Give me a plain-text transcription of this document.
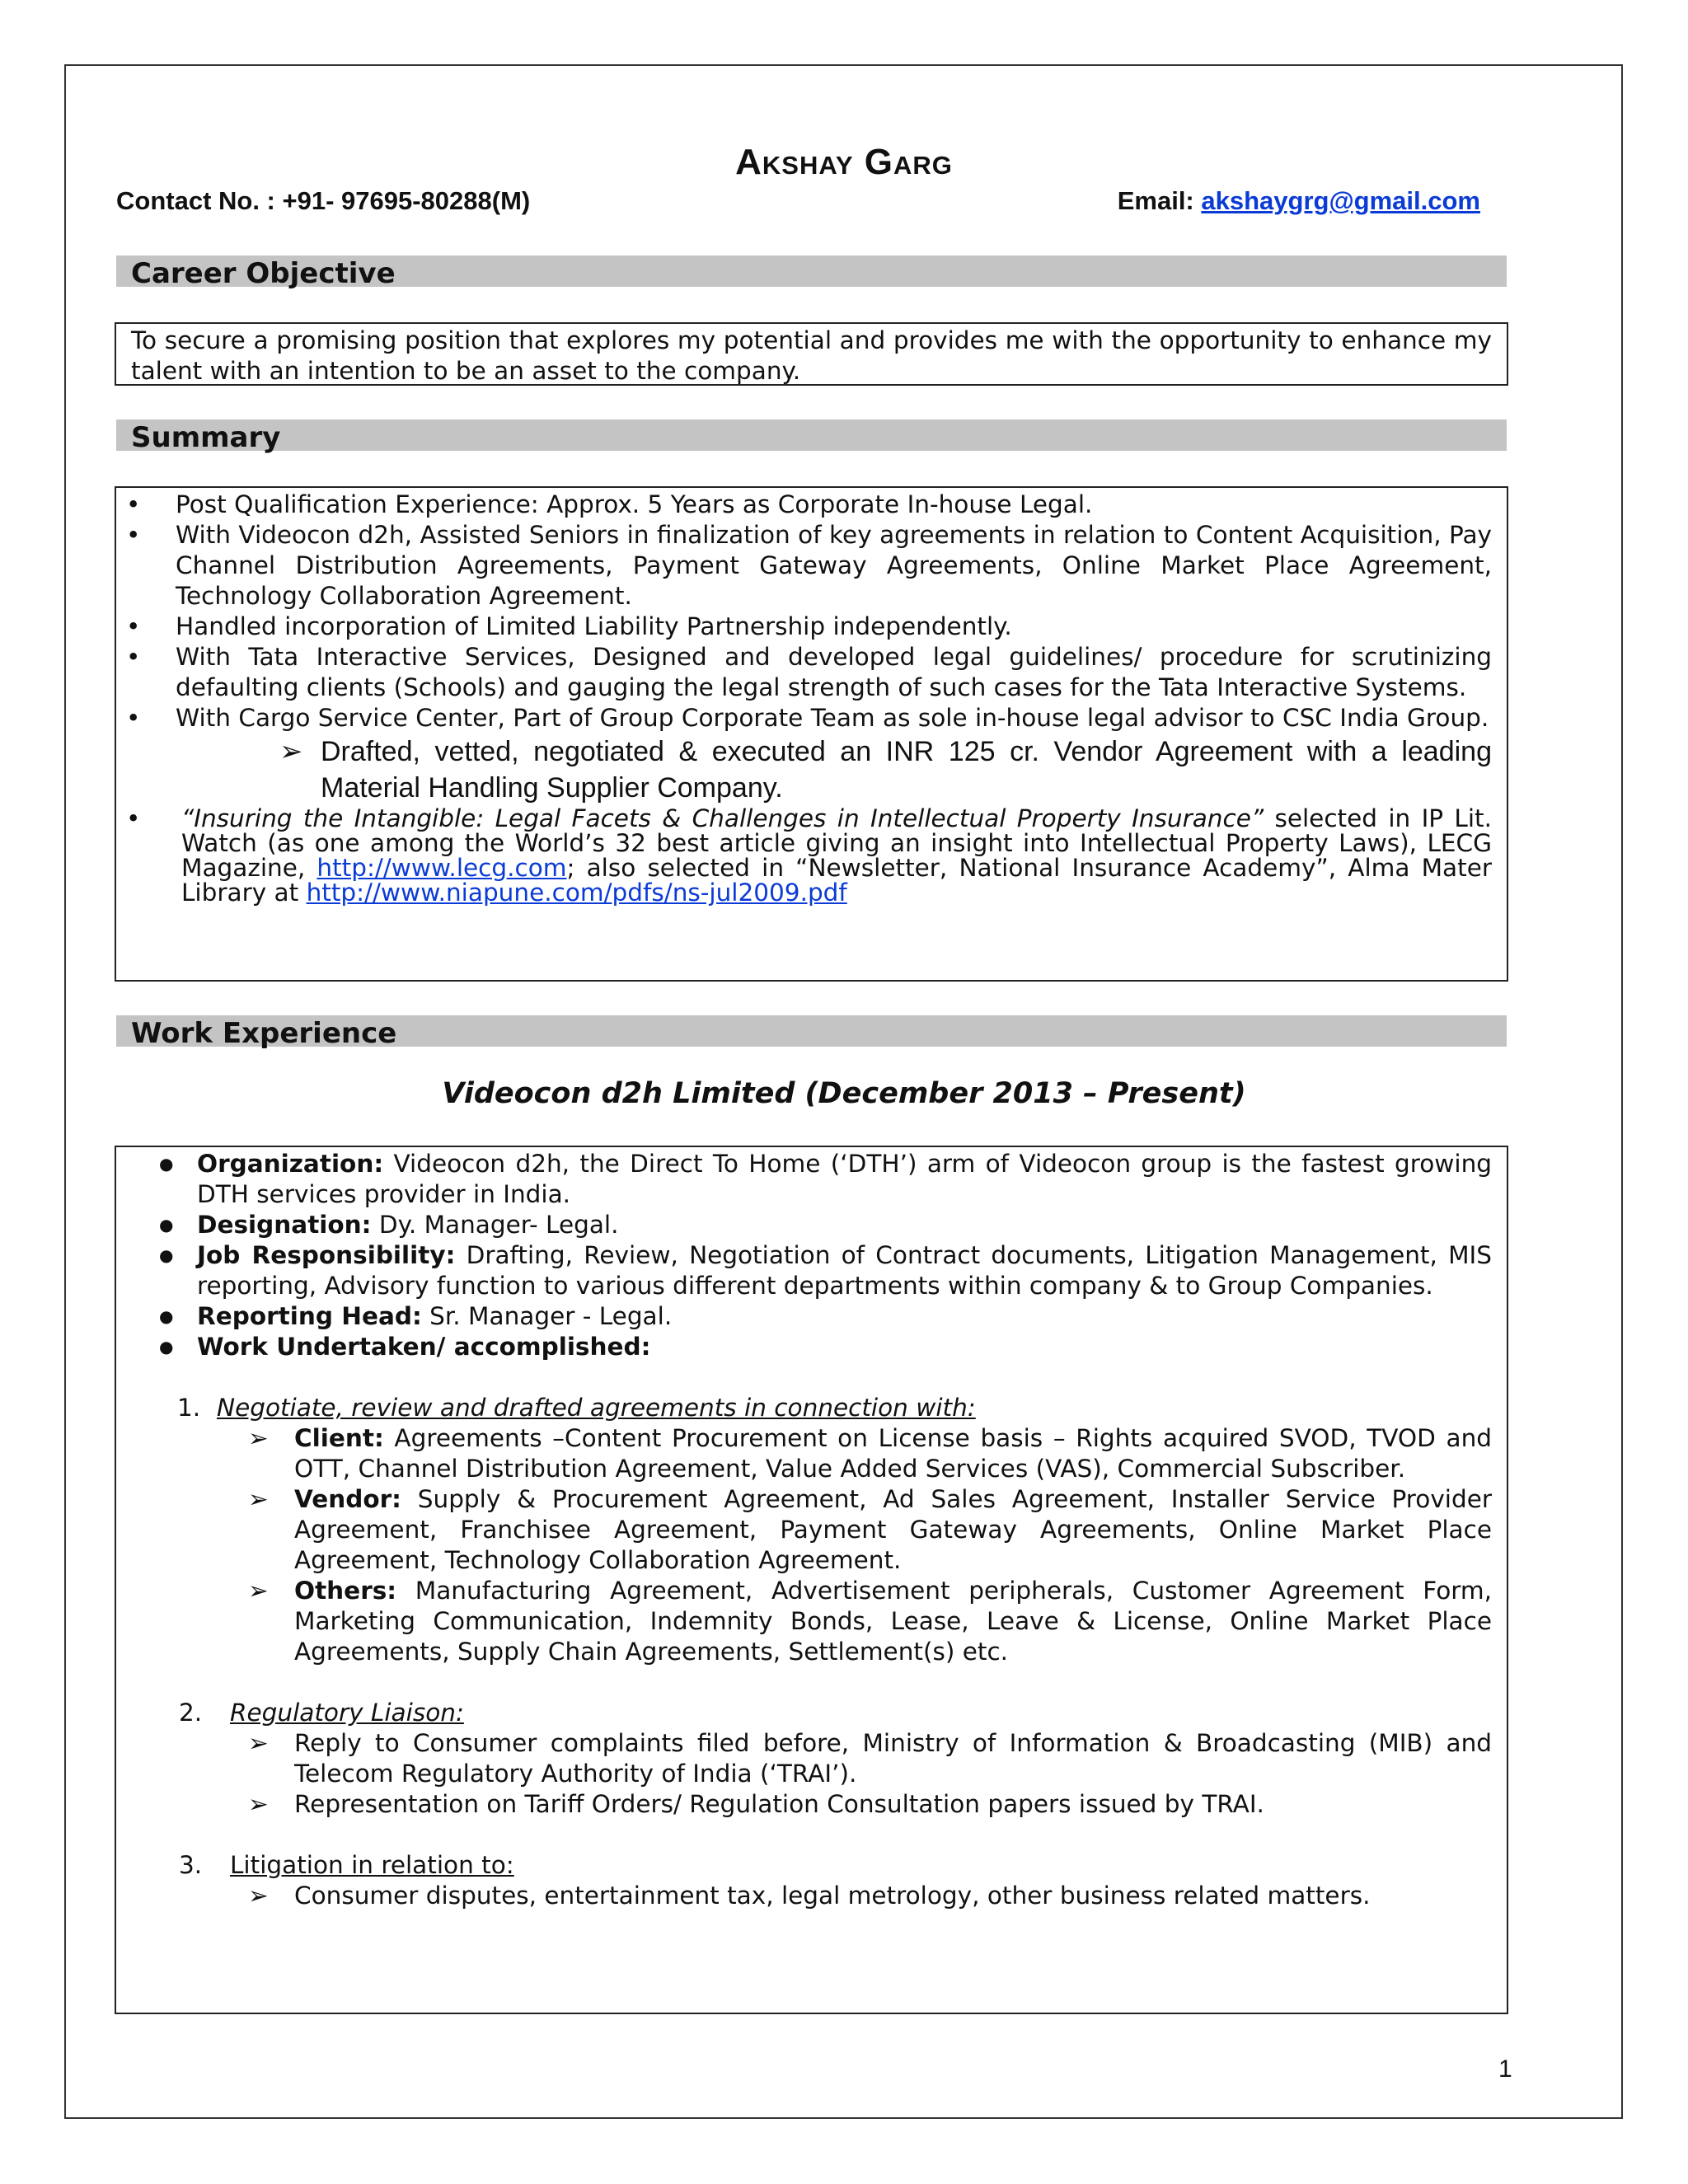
Akshay Garg
Contact No. : +91- 97695-80288(M)	Email: akshaygrg@gmail.com
Career Objective

To secure a promising position that explores my potential and provides me with the opportunity to enhance my talent with an intention to be an asset to the company.

Summary
• Post Qualification Experience: Approx. 5 Years as Corporate In-house Legal.
• With Videocon d2h, Assisted Seniors in finalization of key agreements in relation to Content Acquisition, Pay Channel Distribution Agreements, Payment Gateway Agreements, Online Market Place Agreement, Technology Collaboration Agreement.
• Handled incorporation of Limited Liability Partnership independently.
• With Tata Interactive Services, Designed and developed legal guidelines/ procedure for scrutinizing defaulting clients (Schools) and gauging the legal strength of such cases for the Tata Interactive Systems.
• With Cargo Service Center, Part of Group Corporate Team as sole in-house legal advisor to CSC India Group.
➢ Drafted, vetted, negotiated & executed an INR 125 cr. Vendor Agreement with a leading Material Handling Supplier Company.
• “Insuring the Intangible: Legal Facets & Challenges in Intellectual Property Insurance” selected in IP Lit. Watch (as one among the World’s 32 best article giving an insight into Intellectual Property Laws), LECG Magazine, http://www.lecg.com; also selected in “Newsletter, National Insurance Academy”, Alma Mater Library at http://www.niapune.com/pdfs/ns-jul2009.pdf
Work Experience
Videocon d2h Limited (December 2013 – Present)
● Organization: Videocon d2h, the Direct To Home (‘DTH’) arm of Videocon group is the fastest growing DTH services provider in India.
● Designation: Dy. Manager- Legal.
● Job Responsibility: Drafting, Review, Negotiation of Contract documents, Litigation Management, MIS reporting, Advisory function to various different departments within company & to Group Companies.
● Reporting Head: Sr. Manager - Legal.
● Work Undertaken/ accomplished:
1. Negotiate, review and drafted agreements in connection with:
➢ Client: Agreements –Content Procurement on License basis – Rights acquired SVOD, TVOD and OTT, Channel Distribution Agreement, Value Added Services (VAS), Commercial Subscriber.
➢ Vendor: Supply & Procurement Agreement, Ad Sales Agreement, Installer Service Provider Agreement, Franchisee Agreement, Payment Gateway Agreements, Online Market Place Agreement, Technology Collaboration Agreement.
➢ Others: Manufacturing Agreement, Advertisement peripherals, Customer Agreement Form, Marketing Communication, Indemnity Bonds, Lease, Leave & License, Online Market Place Agreements, Supply Chain Agreements, Settlement(s) etc.
2. Regulatory Liaison:
➢ Reply to Consumer complaints filed before, Ministry of Information & Broadcasting (MIB) and Telecom Regulatory Authority of India (‘TRAI’).
➢ Representation on Tariff Orders/ Regulation Consultation papers issued by TRAI.
3. Litigation in relation to:
➢ Consumer disputes, entertainment tax, legal metrology, other business related matters.
1
